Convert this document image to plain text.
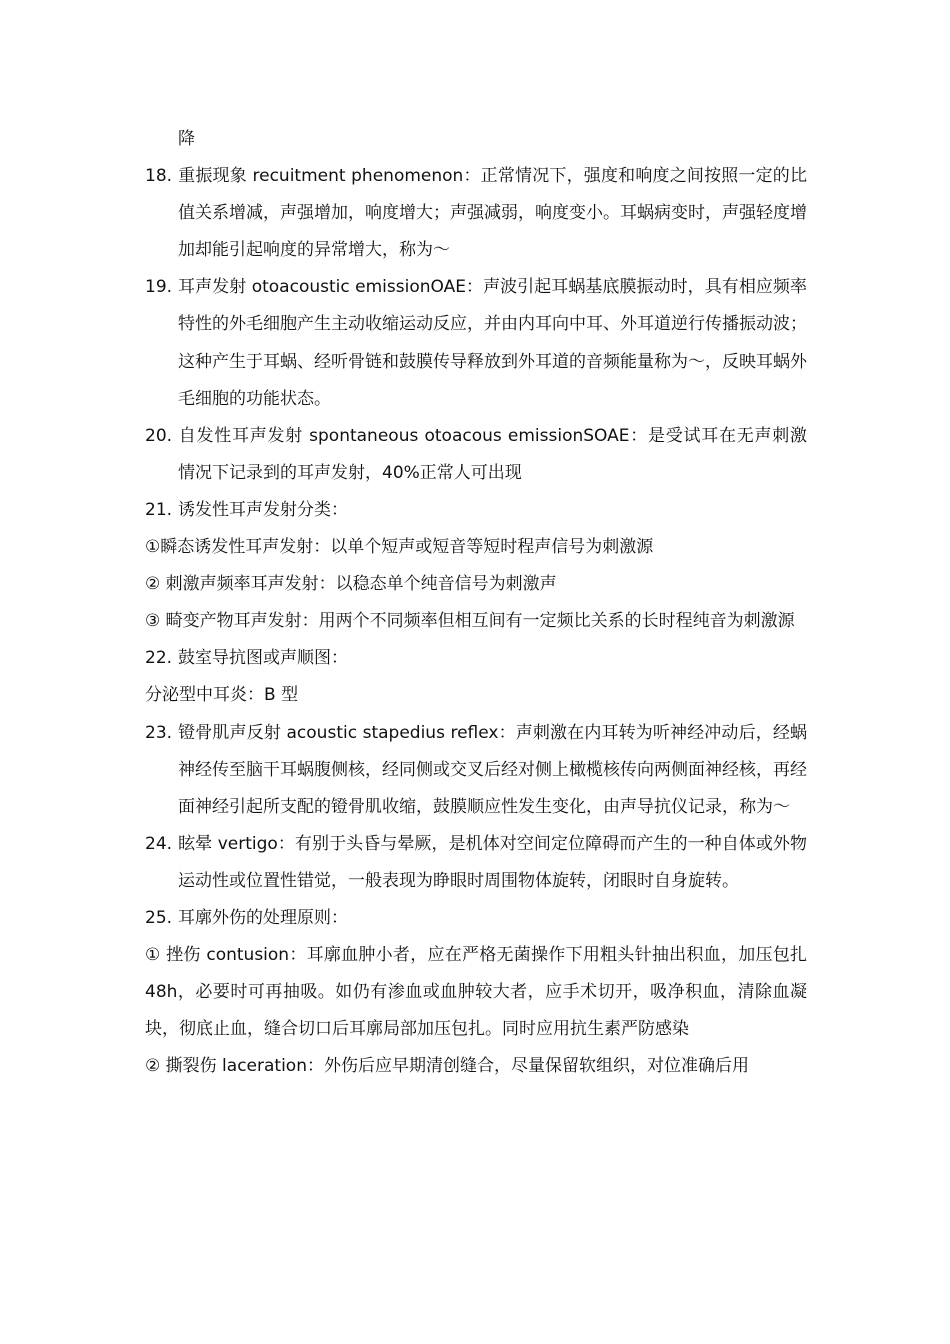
降

18. 重振现象 recuitment phenomenon：正常情况下，强度和响度之间按照一定的比值关系增减，声强增加，响度增大；声强减弱，响度变小。耳蜗病变时，声强轻度增加却能引起响度的异常增大，称为～

19. 耳声发射 otoacoustic emissionOAE：声波引起耳蜗基底膜振动时，具有相应频率特性的外毛细胞产生主动收缩运动反应，并由内耳向中耳、外耳道逆行传播振动波；这种产生于耳蜗、经听骨链和鼓膜传导释放到外耳道的音频能量称为～，反映耳蜗外毛细胞的功能状态。

20. 自发性耳声发射 spontaneous otoacous emissionSOAE：是受试耳在无声刺激情况下记录到的耳声发射，40%正常人可出现

21. 诱发性耳声发射分类：

①瞬态诱发性耳声发射：以单个短声或短音等短时程声信号为刺激源

② 刺激声频率耳声发射：以稳态单个纯音信号为刺激声

③ 畸变产物耳声发射：用两个不同频率但相互间有一定频比关系的长时程纯音为刺激源

22. 鼓室导抗图或声顺图：

分泌型中耳炎：B 型

23. 镫骨肌声反射 acoustic stapedius reflex：声刺激在内耳转为听神经冲动后，经蜗神经传至脑干耳蜗腹侧核，经同侧或交叉后经对侧上橄榄核传向两侧面神经核，再经面神经引起所支配的镫骨肌收缩，鼓膜顺应性发生变化，由声导抗仪记录，称为～

24. 眩晕 vertigo：有别于头昏与晕厥，是机体对空间定位障碍而产生的一种自体或外物运动性或位置性错觉，一般表现为睁眼时周围物体旋转，闭眼时自身旋转。

25. 耳廓外伤的处理原则：

① 挫伤 contusion：耳廓血肿小者，应在严格无菌操作下用粗头针抽出积血，加压包扎 48h，必要时可再抽吸。如仍有渗血或血肿较大者，应手术切开，吸净积血，清除血凝块，彻底止血，缝合切口后耳廓局部加压包扎。同时应用抗生素严防感染

② 撕裂伤 laceration：外伤后应早期清创缝合，尽量保留软组织，对位准确后用
